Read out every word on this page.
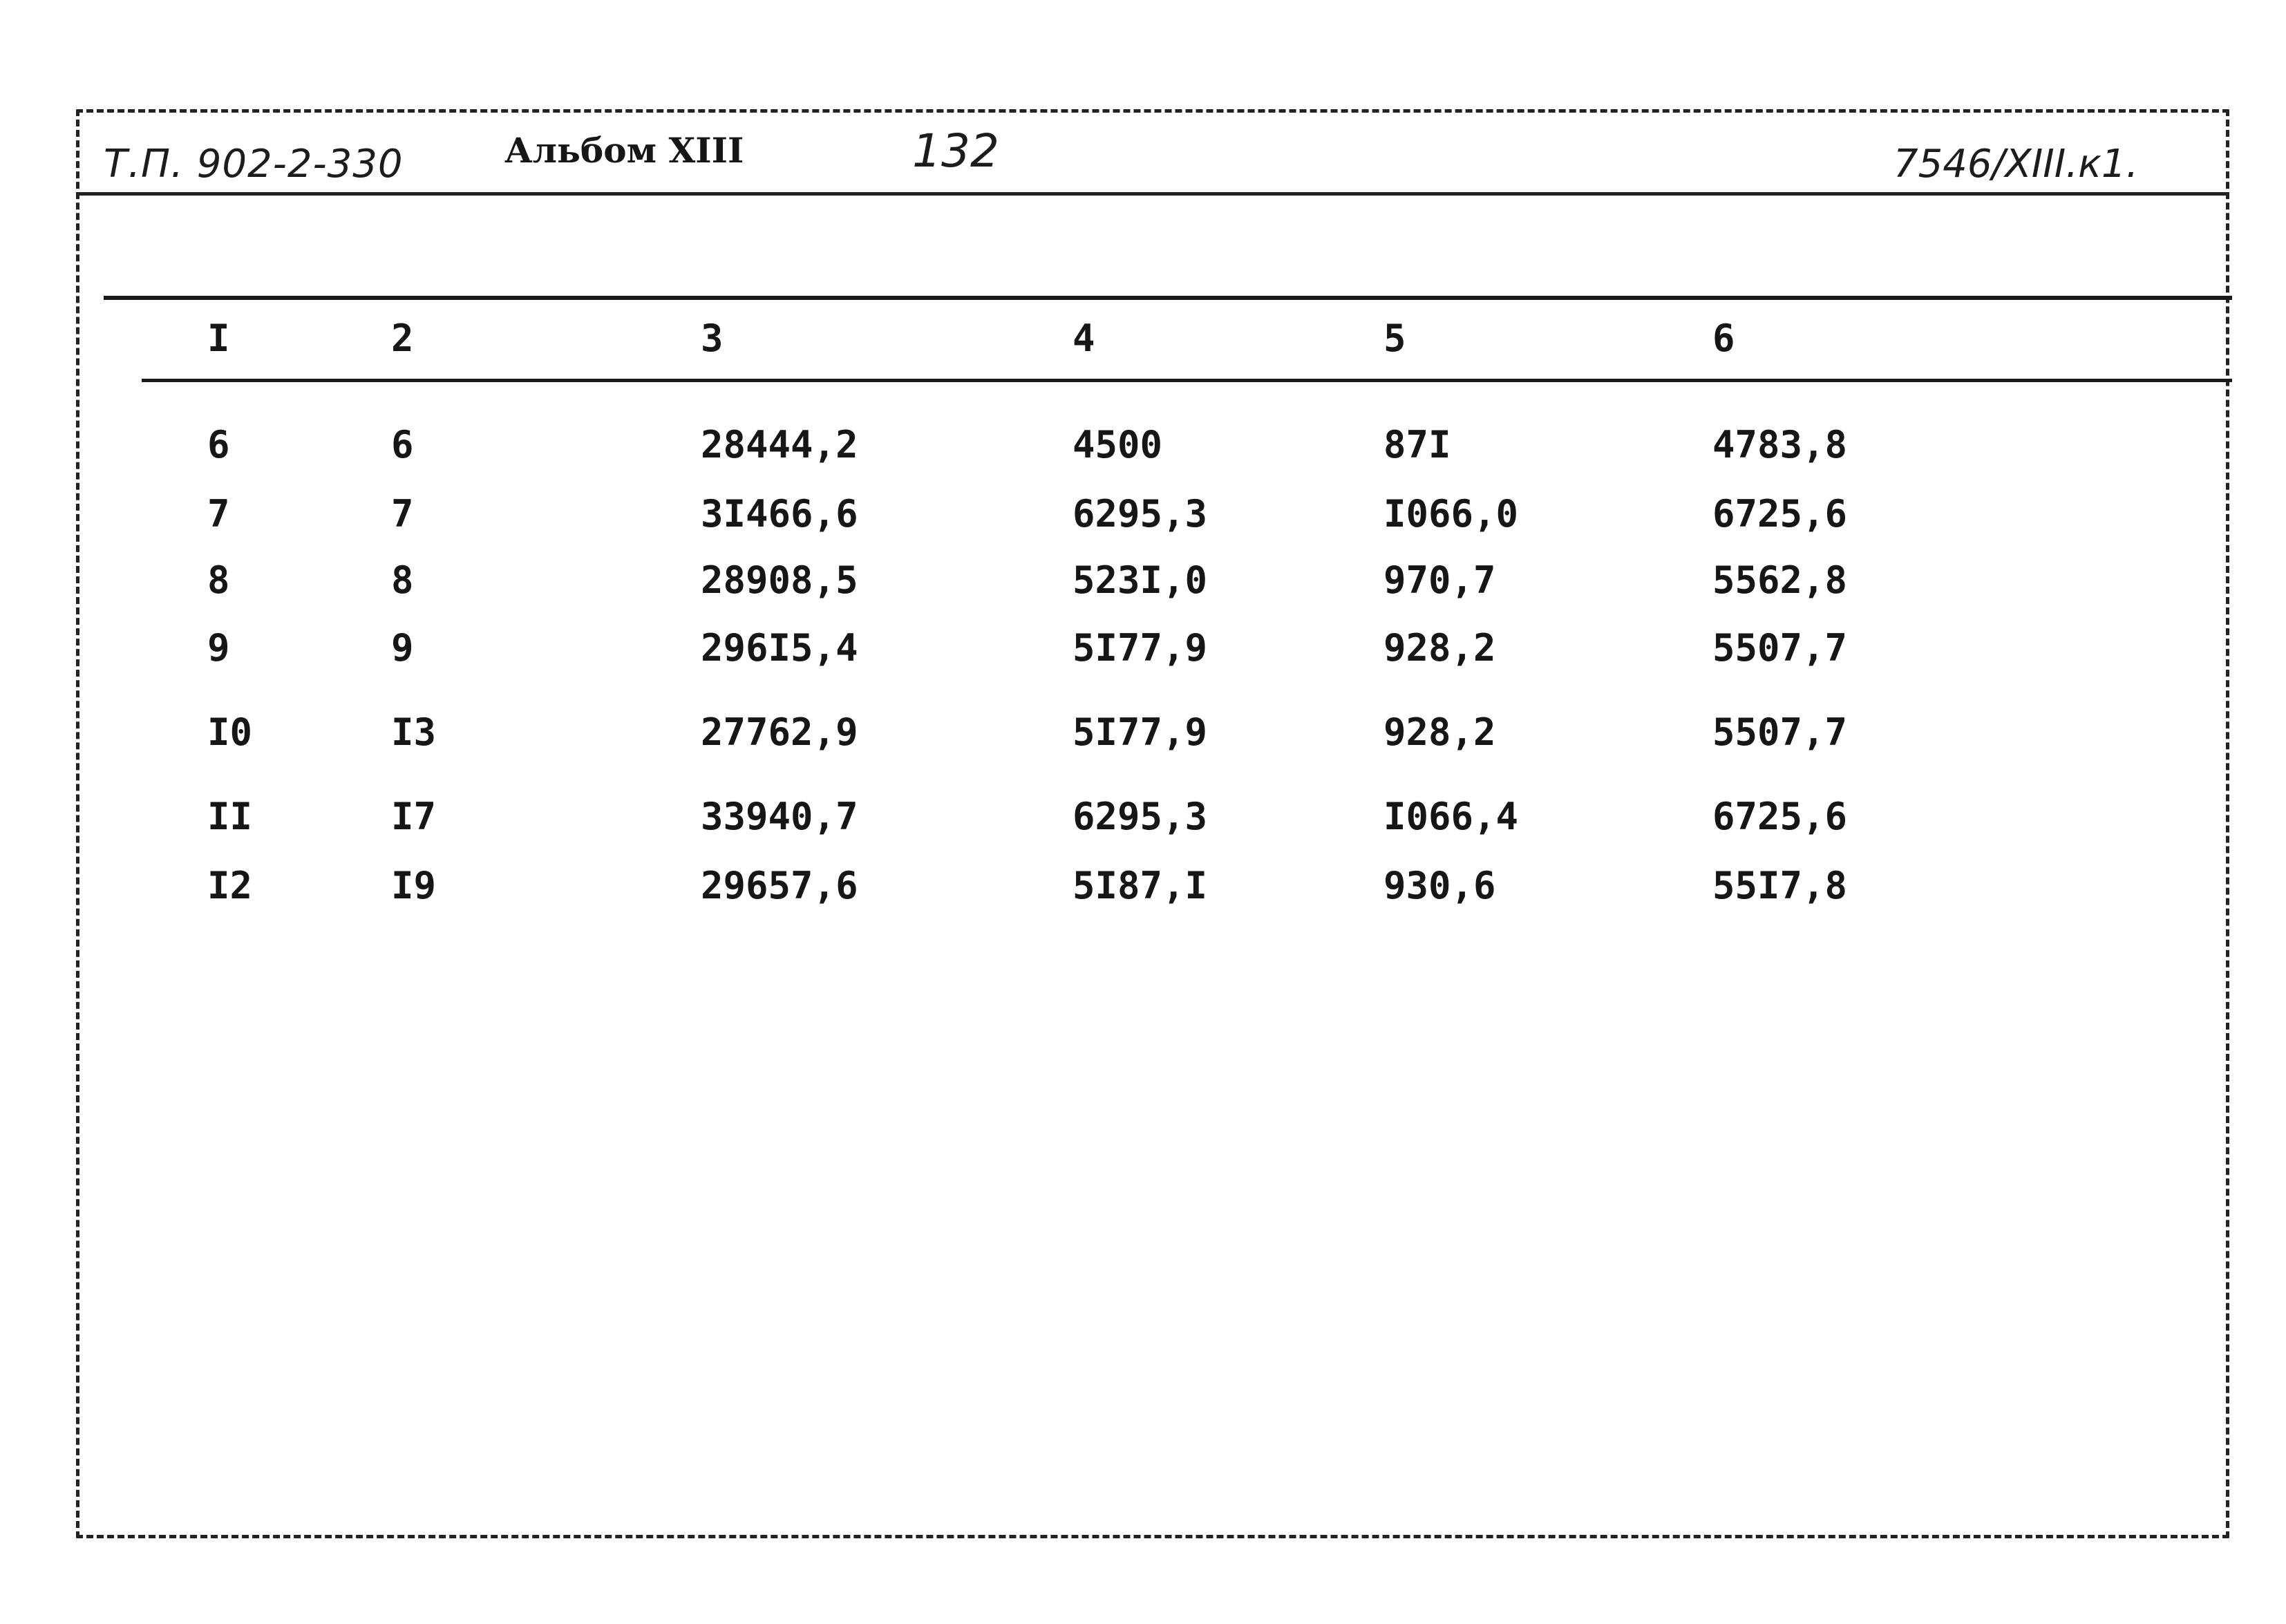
Т.П. 902-2-330	Альбом XIII	132	7546/XIII.к1.
I	2	3	4	5	6
6	6	28444,2	4500	87I	4783,8
7	7	3I466,6	6295,3	I066,0	6725,6
8	8	28908,5	523I,0	970,7	5562,8
9	9	296I5,4	5I77,9	928,2	5507,7
I0	I3	27762,9	5I77,9	928,2	5507,7
II	I7	33940,7	6295,3	I066,4	6725,6
I2	I9	29657,6	5I87,I	930,6	55I7,8
